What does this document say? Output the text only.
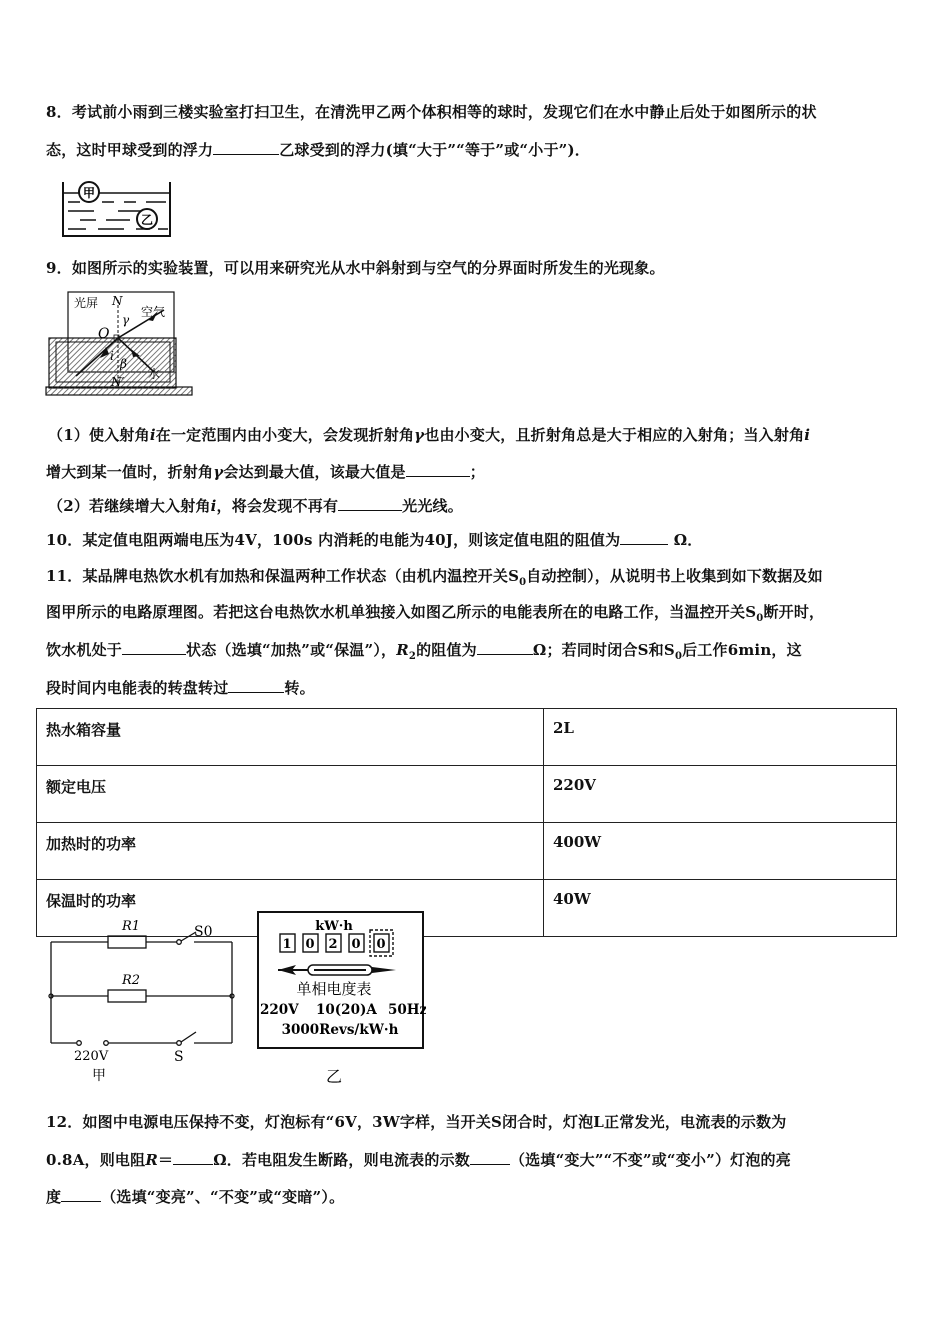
8．考试前小雨到三楼实验室打扫卫生，在清洗甲乙两个体积相等的球时，发现它们在水中静止后处于如图所示的状
态，这时甲球受到的浮力	乙球受到的浮力(填“大于”“等于”或“小于”)．
甲
乙
9．如图所示的实验装置，可以用来研究光从水中斜射到与空气的分界面时所发生的光现象。
光屏 N
空气
γ
O
i
β
水
N′
（1）使入射角i在一定范围内由小变大，会发现折射角γ也由小变大，且折射角总是大于相应的入射角；当入射角i
增大到某一值时，折射角γ会达到最大值，该最大值是	；
（2）若继续增大入射角i，将会发现不再有	光光线。
10．某定值电阻两端电压为4V，100s 内消耗的电能为40J，则该定值电阻的阻值为	Ω．
11．某品牌电热饮水机有加热和保温两种工作状态（由机内温控开关$S_0$自动控制），从说明书上收集到如下数据及如
图甲所示的电路原理图。若把这台电热饮水机单独接入如图乙所示的电能表所在的电路工作，当温控开关$S_0$断开时，
饮水机处于	状态（选填“加热”或“保温”），$R_2$的阻值为	Ω；若同时闭合S和$S_0$后工作6min，这
段时间内电能表的转盘转过	转。
热水箱容量	2L
额定电压	220V
加热时的功率	400W
保温时的功率	40W
R1	S0
R2
S
220V
甲
kW·h
1 0 2 0 0
单相电度表
220V 10(20)A 50Hz
3000Revs/kW·h
乙
12．如图中电源电压保持不变，灯泡标有“6V，3W字样，当开关S闭合时，灯泡L正常发光，电流表的示数为
0.8A，则电阻R＝	Ω．若电阻发生断路，则电流表的示数	（选填“变大”“不变”或“变小”）灯泡的亮
度	（选填“变亮”、“不变”或“变暗”）。
